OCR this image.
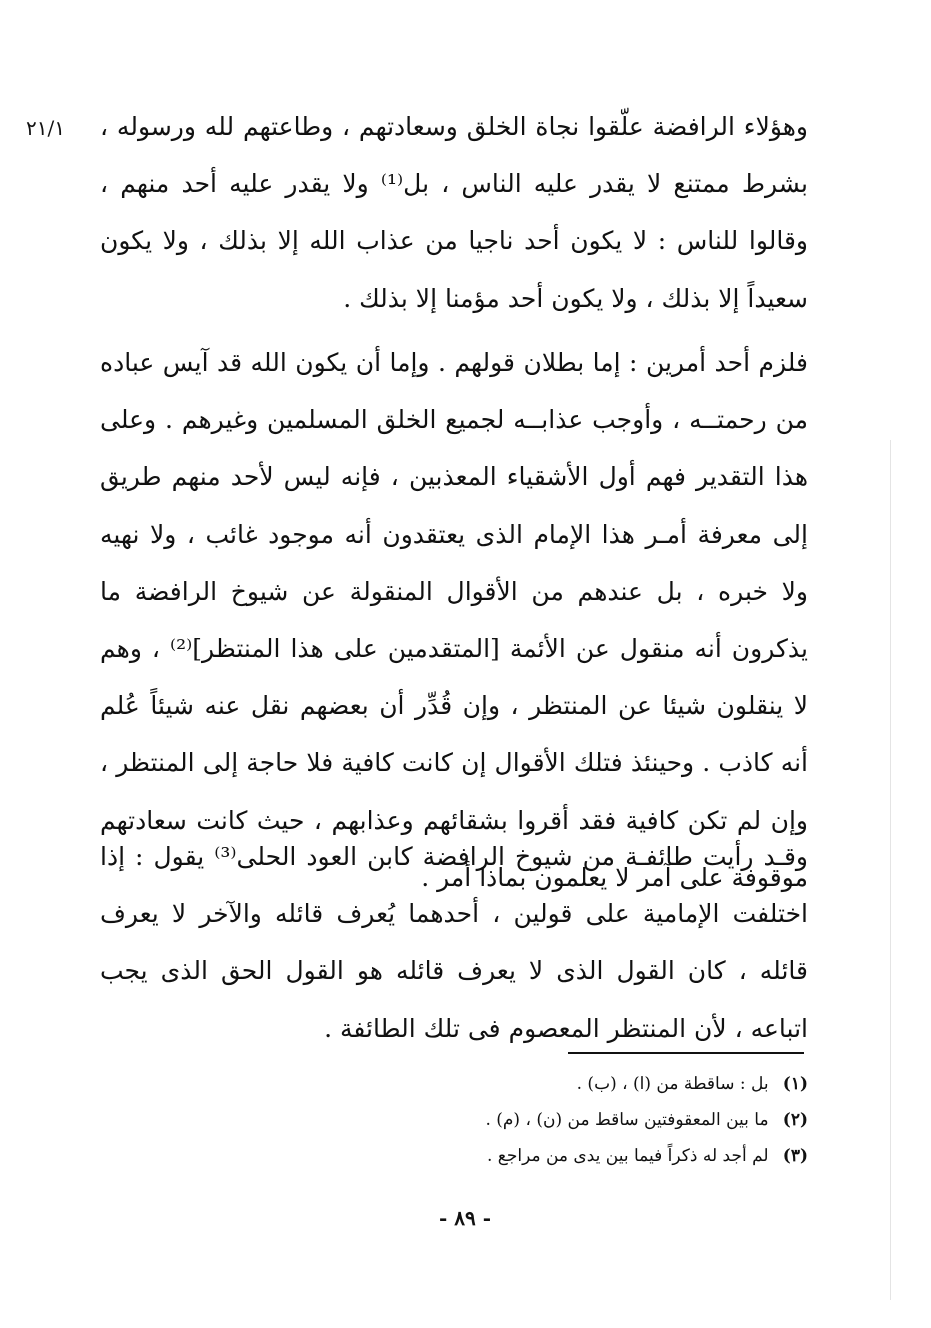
٢١/١ وهؤلاء الرافضة علّقوا نجاة الخلق وسعادتهم ، وطاعتهم لله ورسوله ، بشرط ممتنع لا يقدر عليه الناس ، بل⁽¹⁾ ولا يقدر عليه أحد منهم ، وقالوا للناس : لا يكون أحد ناجيا من عذاب الله إلا بذلك ، ولا يكون سعيداً إلا بذلك ، ولا يكون أحد مؤمنا إلا بذلك .

فلزم أحد أمرين : إما بطلان قولهم . وإما أن يكون الله قد آيس عباده من رحمتــه ، وأوجب عذابــه لجميع الخلق المسلمين وغيرهم . وعلى هذا التقدير فهم أول الأشقياء المعذبين ، فإنه ليس لأحد منهم طريق إلى معرفة أمـر هذا الإمام الذى يعتقدون أنه موجود غائب ، ولا نهيه ولا خبره ، بل عندهم من الأقوال المنقولة عن شيوخ الرافضة ما يذكرون أنه منقول عن الأئمة [المتقدمين على هذا المنتظر]⁽²⁾ ، وهم لا ينقلون شيئا عن المنتظر ، وإن قُدِّر أن بعضهم نقل عنه شيئاً عُلم أنه كاذب . وحينئذ فتلك الأقوال إن كانت كافية فلا حاجة إلى المنتظر ، وإن لم تكن كافية فقد أقروا بشقائهم وعذابهم ، حيث كانت سعادتهم موقوفة على آمر لا يعلمون بماذا أمر .

وقـد رأيت طائفـة من شيوخ الرافضة كابن العود الحلى⁽³⁾ يقول : إذا اختلفت الإمامية على قولين ، أحدهما يُعرف قائله والآخر لا يعرف قائله ، كان القول الذى لا يعرف قائله هو القول الحق الذى يجب اتباعه ، لأن المنتظر المعصوم فى تلك الطائفة .

(١) بل : ساقطة من (ا) ، (ب) .
(٢) ما بين المعقوفتين ساقط من (ن) ، (م) .
(٣) لم أجد له ذكراً فيما بين يدى من مراجع .
- ٨٩ -
